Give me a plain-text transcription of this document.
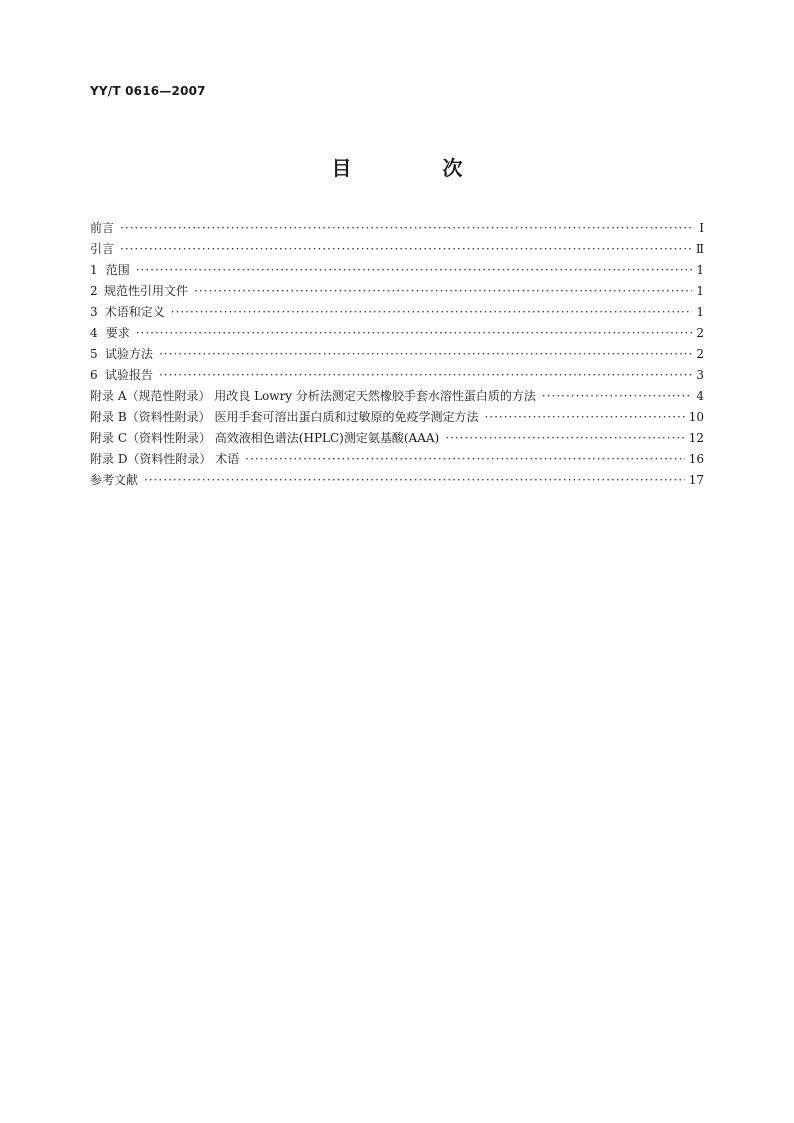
YY/T 0616—2007
目 次
前言 ·····	Ⅰ
引言 ·····	Ⅱ
1 范围 ·····	1
2 规范性引用文件 ·····	1
3 术语和定义 ·····	1
4 要求 ·····	2
5 试验方法 ·····	2
6 试验报告 ·····	3
附录 A（规范性附录） 用改良 Lowry 分析法测定天然橡胶手套水溶性蛋白质的方法 ·····	4
附录 B（资料性附录） 医用手套可溶出蛋白质和过敏原的免疫学测定方法 ·····	10
附录 C（资料性附录） 高效液相色谱法(HPLC)测定氨基酸(AAA) ·····	12
附录 D（资料性附录） 术语 ·····	16
参考文献 ·····	17
